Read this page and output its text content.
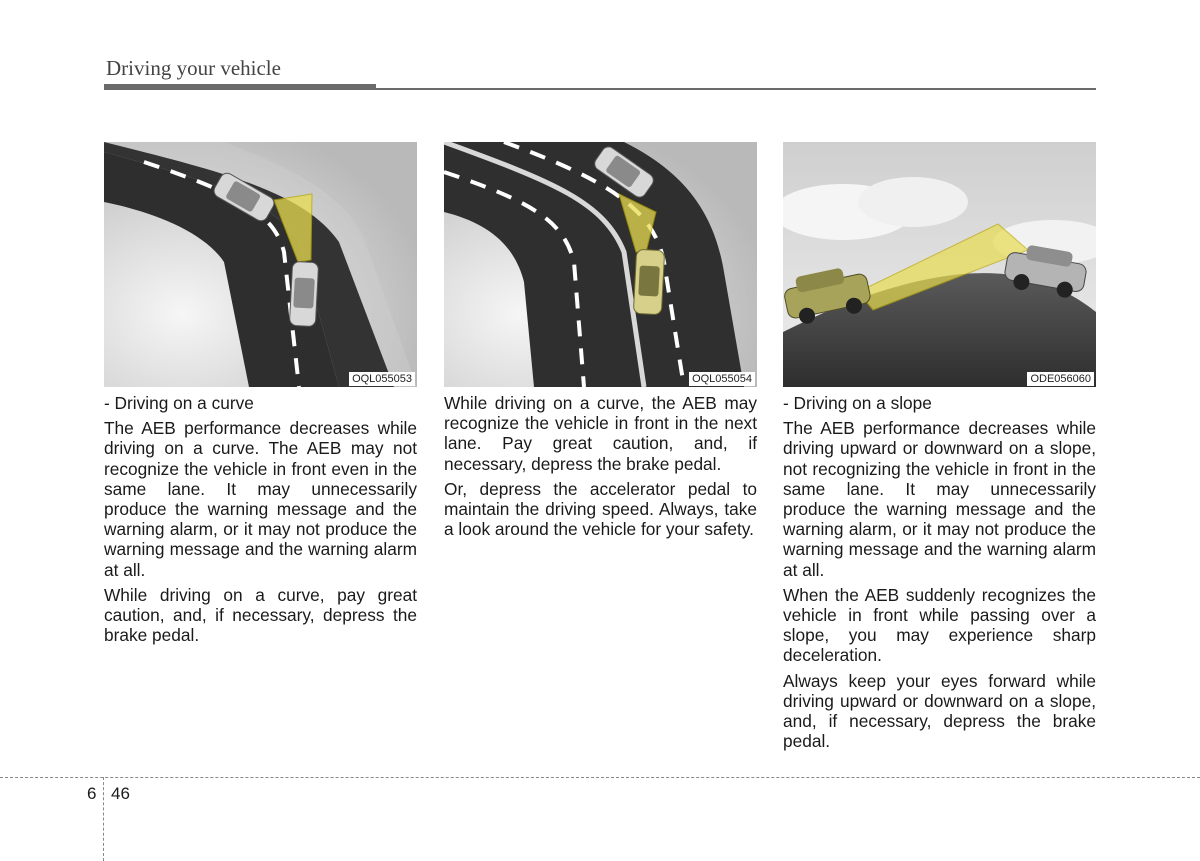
Driving your vehicle
OQL055053	OQL055054	ODE056060

- Driving on a curve

The AEB performance decreases while driving on a curve. The AEB may not recognize the vehicle in front even in the same lane. It may unnecessarily produce the warning message and the warning alarm, or it may not produce the warning message and the warning alarm at all.

While driving on a curve, pay great caution, and, if necessary, depress the brake pedal.

While driving on a curve, the AEB may recognize the vehicle in front in the next lane. Pay great caution, and, if necessary, depress the brake pedal.

Or, depress the accelerator pedal to maintain the driving speed. Always, take a look around the vehicle for your safety.

- Driving on a slope

The AEB performance decreases while driving upward or downward on a slope, not recognizing the vehicle in front in the same lane. It may unnecessarily produce the warning message and the warning alarm, or it may not produce the warning message and the warning alarm at all.

When the AEB suddenly recognizes the vehicle in front while passing over a slope, you may experience sharp deceleration.

Always keep your eyes forward while driving upward or downward on a slope, and, if necessary, depress the brake pedal.

6 46
